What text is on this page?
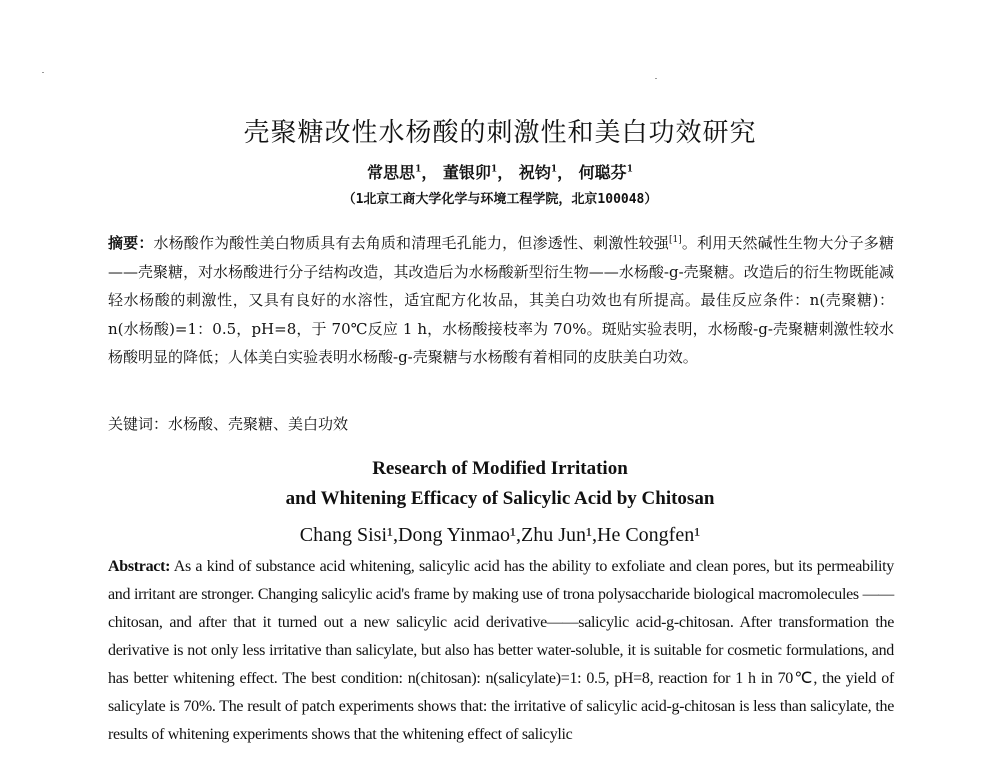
壳聚糖改性水杨酸的刺激性和美白功效研究
常思思$^1$， 董银卯$^1$， 祝钧$^1$， 何聪芬$^1$
（1北京工商大学化学与环境工程学院，北京100048）
摘要：水杨酸作为酸性美白物质具有去角质和清理毛孔能力，但渗透性、刺激性较强[1]。利用天然碱性生物大分子多糖——壳聚糖，对水杨酸进行分子结构改造，其改造后为水杨酸新型衍生物——水杨酸-g-壳聚糖。改造后的衍生物既能减轻水杨酸的刺激性，又具有良好的水溶性，适宜配方化妆品，其美白功效也有所提高。最佳反应条件：n(壳聚糖)：n(水杨酸)=1：0.5，pH=8，于 70℃反应 1 h，水杨酸接枝率为 70%。斑贴实验表明，水杨酸-g-壳聚糖刺激性较水杨酸明显的降低；人体美白实验表明水杨酸-g-壳聚糖与水杨酸有着相同的皮肤美白功效。
关键词：水杨酸、壳聚糖、美白功效
Research of Modified Irritation
and Whitening Efficacy of Salicylic Acid by Chitosan
Chang Sisi¹,Dong Yinmao¹,Zhu Jun¹,He Congfen¹
Abstract: As a kind of substance acid whitening, salicylic acid has the ability to exfoliate and clean pores, but its permeability and irritant are stronger. Changing salicylic acid's frame by making use of trona polysaccharide biological macromolecules ——chitosan, and after that it turned out a new salicylic acid derivative——salicylic acid-g-chitosan. After transformation the derivative is not only less irritative than salicylate, but also has better water-soluble, it is suitable for cosmetic formulations, and has better whitening effect. The best condition: n(chitosan): n(salicylate)=1: 0.5, pH=8, reaction for 1 h in 70℃, the yield of salicylate is 70%. The result of patch experiments shows that: the irritative of salicylic acid-g-chitosan is less than salicylate, the results of whitening experiments shows that the whitening effect of salicylic
